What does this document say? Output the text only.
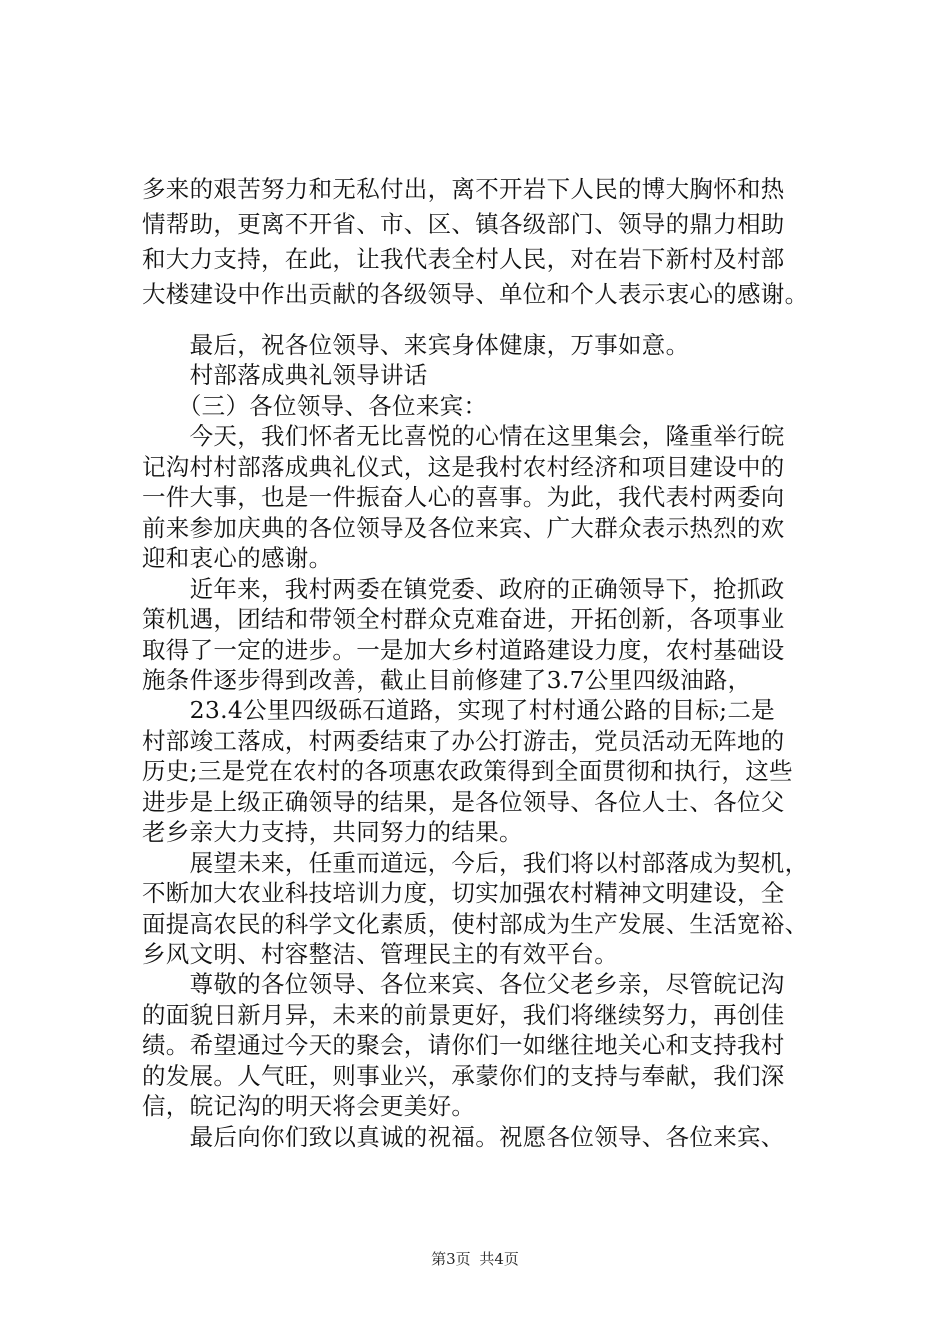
多来的艰苦努力和无私付出，离不开岩下人民的博大胸怀和热
情帮助，更离不开省、市、区、镇各级部门、领导的鼎力相助
和大力支持，在此，让我代表全村人民，对在岩下新村及村部
大楼建设中作出贡献的各级领导、单位和个人表示衷心的感谢。
　　最后，祝各位领导、来宾身体健康，万事如意。
　　村部落成典礼领导讲话
　　（三）各位领导、各位来宾：
　　今天，我们怀者无比喜悦的心情在这里集会，隆重举行皖
记沟村村部落成典礼仪式，这是我村农村经济和项目建设中的
一件大事，也是一件振奋人心的喜事。为此，我代表村两委向
前来参加庆典的各位领导及各位来宾、广大群众表示热烈的欢
迎和衷心的感谢。
　　近年来，我村两委在镇党委、政府的正确领导下，抢抓政
策机遇，团结和带领全村群众克难奋进，开拓创新，各项事业
取得了一定的进步。一是加大乡村道路建设力度，农村基础设
施条件逐步得到改善，截止目前修建了3.7公里四级油路，
　　23.4公里四级砾石道路，实现了村村通公路的目标;二是
村部竣工落成，村两委结束了办公打游击，党员活动无阵地的
历史;三是党在农村的各项惠农政策得到全面贯彻和执行，这些
进步是上级正确领导的结果，是各位领导、各位人士、各位父
老乡亲大力支持，共同努力的结果。
　　展望未来，任重而道远，今后，我们将以村部落成为契机，
不断加大农业科技培训力度，切实加强农村精神文明建设，全
面提高农民的科学文化素质，使村部成为生产发展、生活宽裕、
乡风文明、村容整洁、管理民主的有效平台。
　　尊敬的各位领导、各位来宾、各位父老乡亲，尽管皖记沟
的面貌日新月异，未来的前景更好，我们将继续努力，再创佳
绩。希望通过今天的聚会，请你们一如继往地关心和支持我村
的发展。人气旺，则事业兴，承蒙你们的支持与奉献，我们深
信，皖记沟的明天将会更美好。
　　最后向你们致以真诚的祝福。祝愿各位领导、各位来宾、
第3页 共4页
